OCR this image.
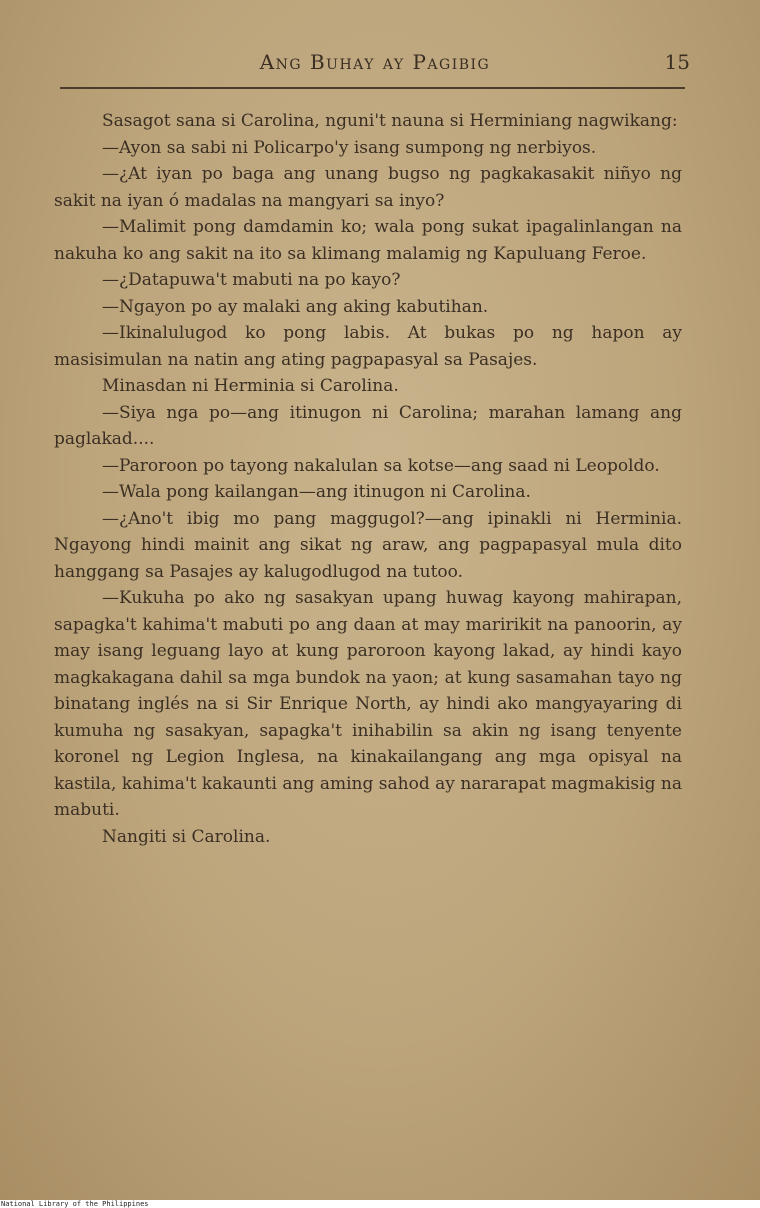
Ang Buhay ay Pagibig	15

Sasagot sana si Carolina, nguni't nauna si Herminiang nagwikang:

—Ayon sa sabi ni Policarpo'y isang sumpong ng nerbiyos.

—¿At iyan po baga ang unang bugso ng pagkakasakit niñyo ng sakit na iyan ó madalas na mangyari sa inyo?

—Malimit pong damdamin ko; wala pong sukat ipagalinlangan na nakuha ko ang sakit na ito sa klimang malamig ng Kapuluang Feroe.

—¿Datapuwa't mabuti na po kayo?

—Ngayon po ay malaki ang aking kabutihan.

—Ikinalulugod ko pong labis. At bukas po ng hapon ay masisimulan na natin ang ating pagpapasyal sa Pasajes.

Minasdan ni Herminia si Carolina.

—Siya nga po—ang itinugon ni Carolina; marahan lamang ang paglakad....

—Paroroon po tayong nakalulan sa kotse—ang saad ni Leopoldo.

—Wala pong kailangan—ang itinugon ni Carolina.

—¿Ano't ibig mo pang maggugol?—ang ipinakli ni Herminia. Ngayong hindi mainit ang sikat ng araw, ang pagpapasyal mula dito hanggang sa Pasajes ay kalugodlugod na tutoo.

—Kukuha po ako ng sasakyan upang huwag kayong mahirapan, sapagka't kahima't mabuti po ang daan at may maririkit na panoorin, ay may isang leguang layo at kung paroroon kayong lakad, ay hindi kayo magkakagana dahil sa mga bundok na yaon; at kung sasamahan tayo ng binatang inglés na si Sir Enrique North, ay hindi ako mangyayaring di kumuha ng sasakyan, sapagka't inihabilin sa akin ng isang tenyente koronel ng Legion Inglesa, na kinakailangang ang mga opisyal na kastila, kahima't kakaunti ang aming sahod ay nararapat magmakisig na mabuti.

Nangiti si Carolina.

National Library of the Philippines
